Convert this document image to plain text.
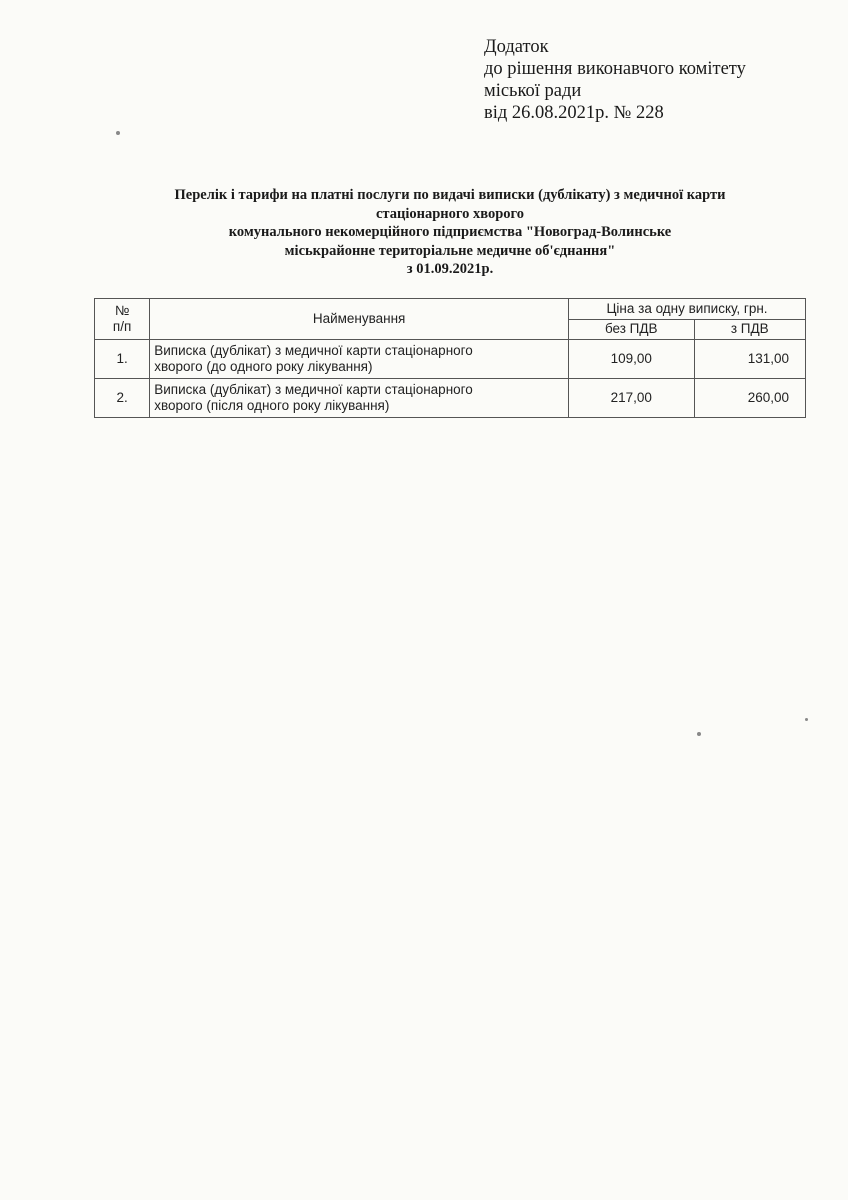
Додаток
до рішення виконавчого комітету
міської ради
від 26.08.2021р. № 228
Перелік і тарифи на платні послуги по видачі виписки (дублікату) з медичної карти
стаціонарного хворого
комунального некомерційного підприємства "Новоград-Волинське
міськрайонне територіальне медичне об'єднання"
з 01.09.2021р.
№
п/п	Найменування	Ціна за одну виписку, грн.	
		без ПДВ	з ПДВ
1.	Виписка (дублікат) з медичної карти стаціонарного
хворого (до одного року лікування)	109,00	131,00
2.	Виписка (дублікат) з медичної карти стаціонарного
хворого (після одного року лікування)	217,00	260,00
